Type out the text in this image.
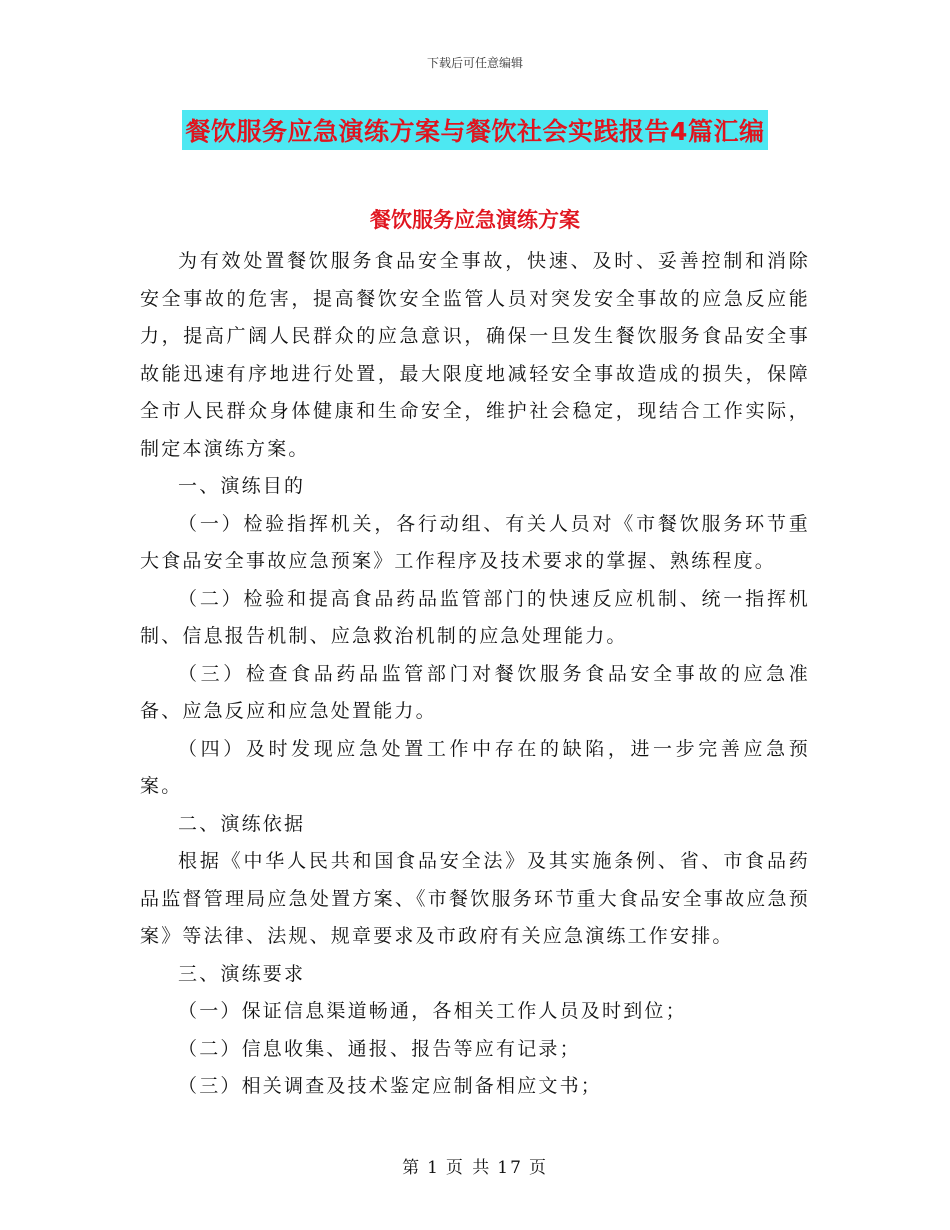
下载后可任意编辑
餐饮服务应急演练方案与餐饮社会实践报告4篇汇编
餐饮服务应急演练方案

为有效处置餐饮服务食品安全事故，快速、及时、妥善控制和消除安全事故的危害，提高餐饮安全监管人员对突发安全事故的应急反应能力，提高广阔人民群众的应急意识，确保一旦发生餐饮服务食品安全事故能迅速有序地进行处置，最大限度地减轻安全事故造成的损失，保障全市人民群众身体健康和生命安全，维护社会稳定，现结合工作实际，制定本演练方案。

一、演练目的

（一）检验指挥机关，各行动组、有关人员对《市餐饮服务环节重大食品安全事故应急预案》工作程序及技术要求的掌握、熟练程度。

（二）检验和提高食品药品监管部门的快速反应机制、统一指挥机制、信息报告机制、应急救治机制的应急处理能力。

（三）检查食品药品监管部门对餐饮服务食品安全事故的应急准备、应急反应和应急处置能力。

（四）及时发现应急处置工作中存在的缺陷，进一步完善应急预案。

二、演练依据

根据《中华人民共和国食品安全法》及其实施条例、省、市食品药品监督管理局应急处置方案、《市餐饮服务环节重大食品安全事故应急预案》等法律、法规、规章要求及市政府有关应急演练工作安排。

三、演练要求

（一）保证信息渠道畅通，各相关工作人员及时到位；

（二）信息收集、通报、报告等应有记录；

（三）相关调查及技术鉴定应制备相应文书；

第 1 页 共 17 页
